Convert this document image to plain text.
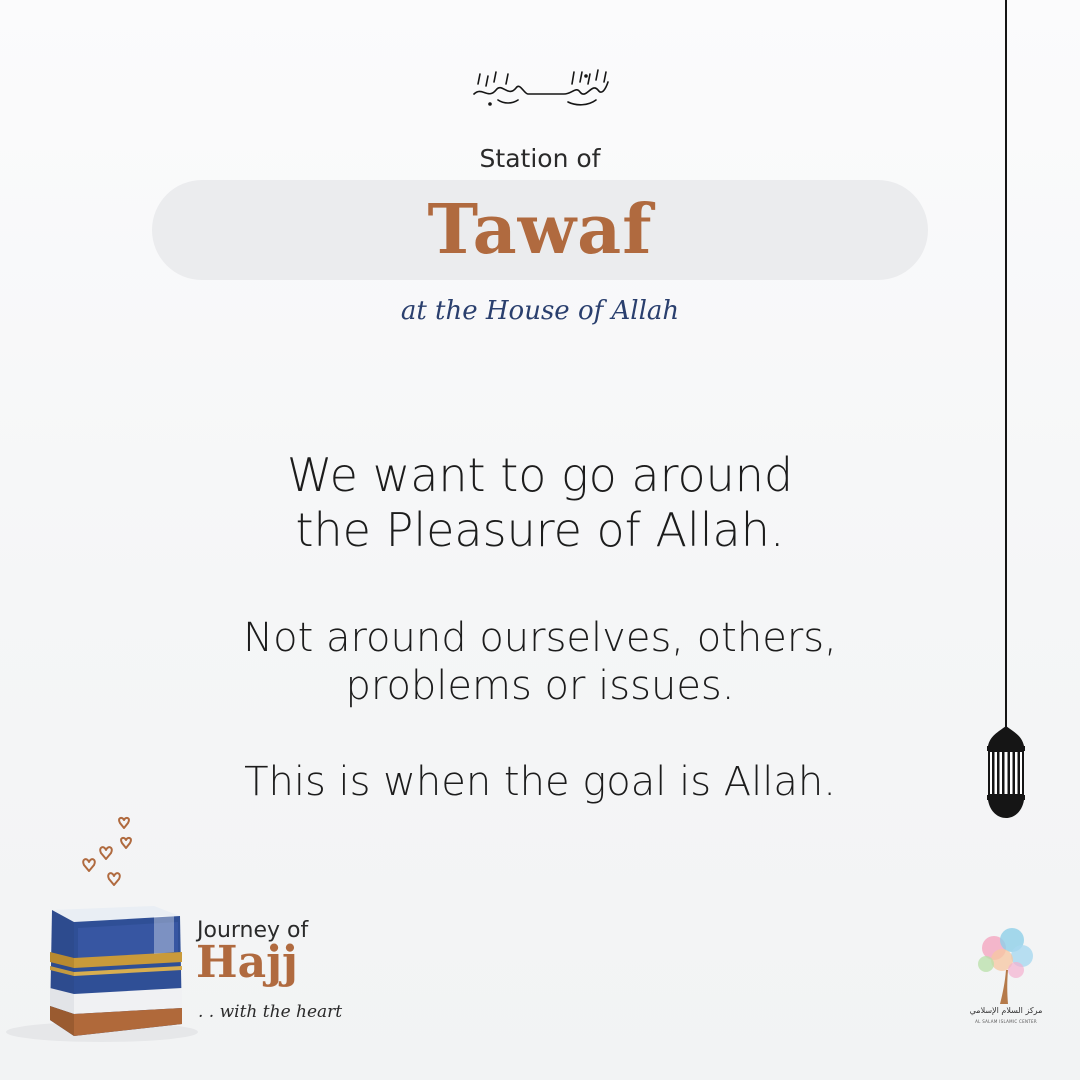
Station of
Tawaf
at the House of Allah
We want to go around
the Pleasure of Allah.
Not around ourselves, others,
problems or issues.
This is when the goal is Allah.
Journey of
Hajj
. . with the heart	مركز السلام الإسلامي
AL SALAM ISLAMIC CENTER
